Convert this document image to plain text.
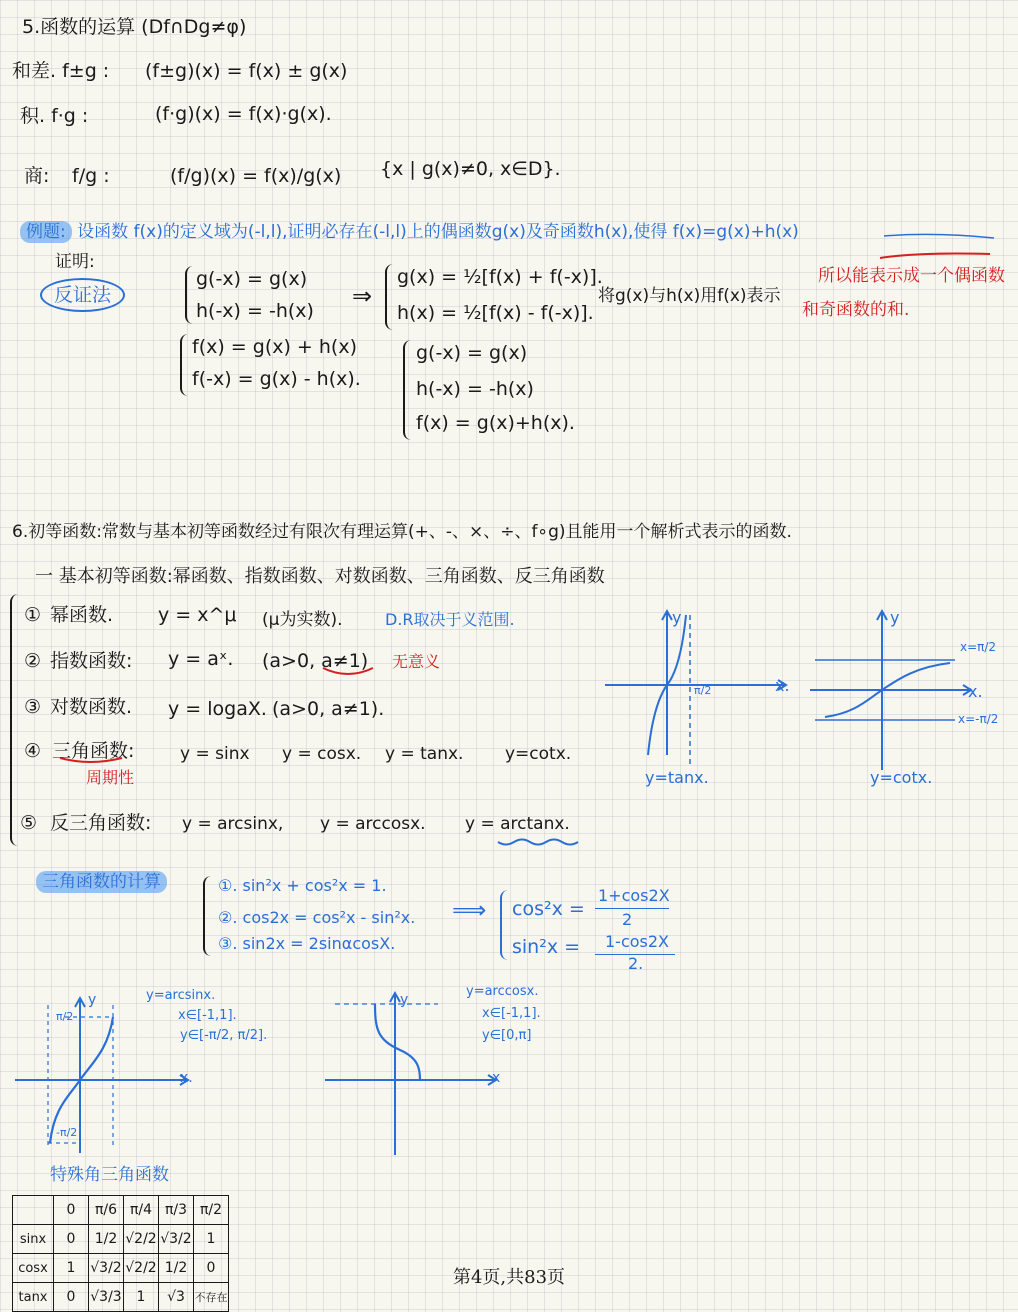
5.函数的运算 (Df∩Dg≠φ)
和差. f±g : (f±g)(x) = f(x) ± g(x)
积. f·g :	(f·g)(x) = f(x)·g(x).
商: f/g :	(f/g)(x) = f(x)/g(x) {x | g(x)≠0, x∈D}.
例题: 设函数 f(x)的定义域为(-l,l),证明必存在(-l,l)上的偶函数g(x)及奇函数h(x),使得 f(x)=g(x)+h(x)
证明:
反证法
g(-x) = g(x)
h(-x) = -h(x)
f(x) = g(x) + h(x)
f(-x) = g(x) - h(x).
⇒
g(x) = ½[f(x) + f(-x)].
h(x) = ½[f(x) - f(-x)].
将g(x)与h(x)用f(x)表示
所以能表示成一个偶函数
和奇函数的和.
g(-x) = g(x)
h(-x) = -h(x)
f(x) = g(x)+h(x).
6.初等函数:常数与基本初等函数经过有限次有理运算(+、-、×、÷、f∘g)且能用一个解析式表示的函数.
一 基本初等函数:幂函数、指数函数、对数函数、三角函数、反三角函数
① 幂函数. y = x^μ (μ为实数).	D.R取决于义范围.
② 指数函数: y = aˣ. (a>0, a≠1) 无意义
③ 对数函数. y = logaX. (a>0, a≠1).
④ 三角函数:
周期性
y = sinx y = cosx. y = tanx. y=cotx.
⑤ 反三角函数: y = arcsinx, y = arccosx. y = arctanx.
y
x.
π/2
y=tanx.
y
x.
x=π/2
x=-π/2
y=cotx.
三角函数的计算	①. sin²x + cos²x = 1.
②. cos2x = cos²x - sin²x.
③. sin2x = 2sinαcosX.
⟹ cos²x =
1+cos2X
2
sin²x = 1-cos2X
2.
y=arcsinx.
x∈[-1,1].
y∈[-π/2, π/2].
y
x.
π/2
-π/2
y=arccosx.
x∈[-1,1].
y∈[0,π]
y
x
特殊角三角函数
	0	π/6	π/4	π/3	π/2
sinx	0	1/2	√2/2	√3/2	1
cosx	1	√3/2	√2/2	1/2	0
tanx	0	√3/3	1	√3	不存在
第4页,共83页
